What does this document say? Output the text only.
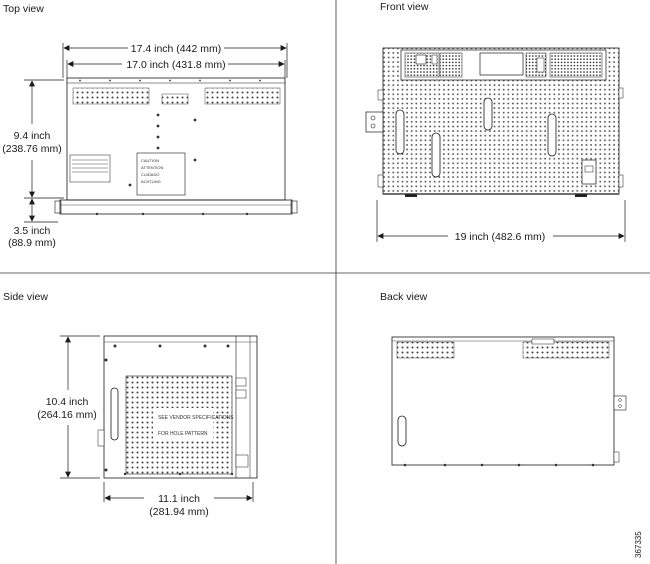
Top view	Front view
Side view	Back view
CAUTION
ATTENTION
CUIDADO
ACHTUNG
17.4 inch (442 mm)
17.0 inch (431.8 mm)
9.4 inch
(238.76 mm)
3.5 inch
(88.9 mm)	19 inch (482.6 mm)
SEE VENDOR SPECIFICATIONS
FOR HOLE PATTERN
10.4 inch
(264.16 mm)
11.1 inch
(281.94 mm)
367335
